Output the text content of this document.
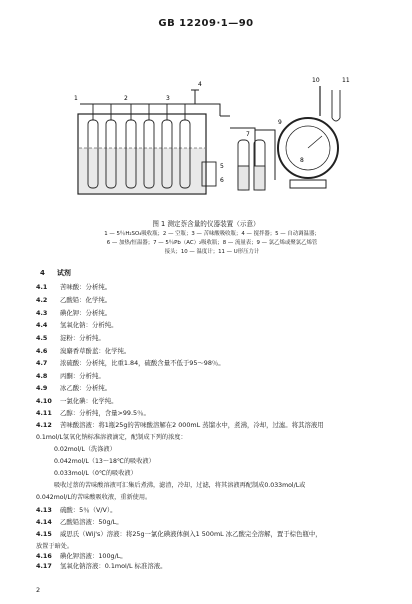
GB 12209·1—90
1	2	3
4
5
6
7
8
9
10	11
图 1 测定萘含量的仪器装置（示意）
1 — 5％H₂SO₄吸收瓶；2 — 空瓶；3 — 苦味酸吸收瓶；4 — 搅拌器；5 — 自动调温器；
6 — 加热/恒温器；7 — 5％Pb（AC）₂吸收瓶；8 — 流量表；9 — 氯乙烯或聚氯乙烯管
接头；10 — 温度计；11 — U形压力计
4 试剂
4.1 苦味酸：分析纯。
4.2 乙酸铅：化学纯。
4.3 碘化钾：分析纯。
4.4 氢氧化钠：分析纯。
4.5 淀粉：分析纯。
4.6 溴麝香草酚蓝：化学纯。
4.7 浓硫酸：分析纯，比重1.84，硫酸含量不低于95～98％。
4.8 丙酮：分析纯。
4.9 冰乙酸：分析纯。
4.10 一氯化碘：化学纯。
4.11 乙醇：分析纯，含量>99.5％。
4.12 苦味酸溶液：将1瓶25g的苦味酸溶解在2 000mL 蒸馏水中，煮沸，冷却，过滤。将其溶液用
0.1mol/L氢氧化钠标准溶液滴定，配制成下列的浓度：
0.02mol/L（洗涤液）
0.042mol/L（13～18℃的吸收液）
0.033mol/L（0℃的吸收液）
吸收过萘的苦味酸溶液可汇集后煮沸，滤渣，冷却，过滤，将其溶液再配制成0.033mol/L或
0.042mol/L的苦味酸吸收液，重新使用。
4.13 硫酸：5％（V/V）。
4.14 乙酸铅溶液：50g/L。
4.15 威思氏（Wij's）溶液：将25g一氯化碘液体倒入1 500mL 冰乙酸完全溶解，置于棕色瓶中，
放置于暗处。
4.16 碘化钾溶液：100g/L。
4.17 氢氧化钠溶液：0.1mol/L 标准溶液。
2
